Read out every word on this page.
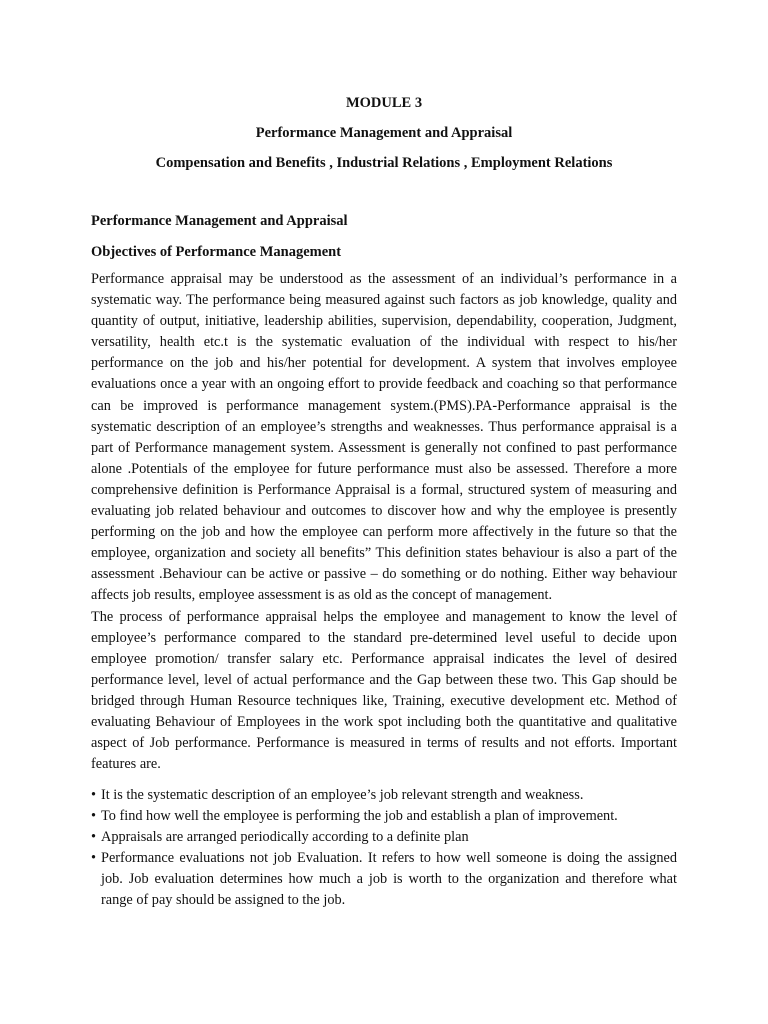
MODULE 3
Performance Management and Appraisal
Compensation and Benefits , Industrial Relations , Employment Relations
Performance Management and Appraisal
Objectives of Performance Management

Performance appraisal may be understood as the assessment of an individual’s performance in a systematic way. The performance being measured against such factors as job knowledge, quality and quantity of output, initiative, leadership abilities, supervision, dependability, cooperation, Judgment, versatility, health etc.t is the systematic evaluation of the individual with respect to his/her performance on the job and his/her potential for development. A system that involves employee evaluations once a year with an ongoing effort to provide feedback and coaching so that performance can be improved is performance management system.(PMS).PA-Performance appraisal is the systematic description of an employee’s strengths and weaknesses. Thus performance appraisal is a part of Performance management system. Assessment is generally not confined to past performance alone .Potentials of the employee for future performance must also be assessed. Therefore a more comprehensive definition is Performance Appraisal is a formal, structured system of measuring and evaluating job related behaviour and outcomes to discover how and why the employee is presently performing on the job and how the employee can perform more affectively in the future so that the employee, organization and society all benefits” This definition states behaviour is also a part of the assessment .Behaviour can be active or passive – do something or do nothing. Either way behaviour affects job results, employee assessment is as old as the concept of management.

The process of performance appraisal helps the employee and management to know the level of employee’s performance compared to the standard pre-determined level useful to decide upon employee promotion/ transfer salary etc. Performance appraisal indicates the level of desired performance level, level of actual performance and the Gap between these two. This Gap should be bridged through Human Resource techniques like, Training, executive development etc. Method of evaluating Behaviour of Employees in the work spot including both the quantitative and qualitative aspect of Job performance. Performance is measured in terms of results and not efforts. Important features are.

• It is the systematic description of an employee’s job relevant strength and weakness.
• To find how well the employee is performing the job and establish a plan of improvement.
• Appraisals are arranged periodically according to a definite plan
• Performance evaluations not job Evaluation. It refers to how well someone is doing the assigned job. Job evaluation determines how much a job is worth to the organization and therefore what range of pay should be assigned to the job.
